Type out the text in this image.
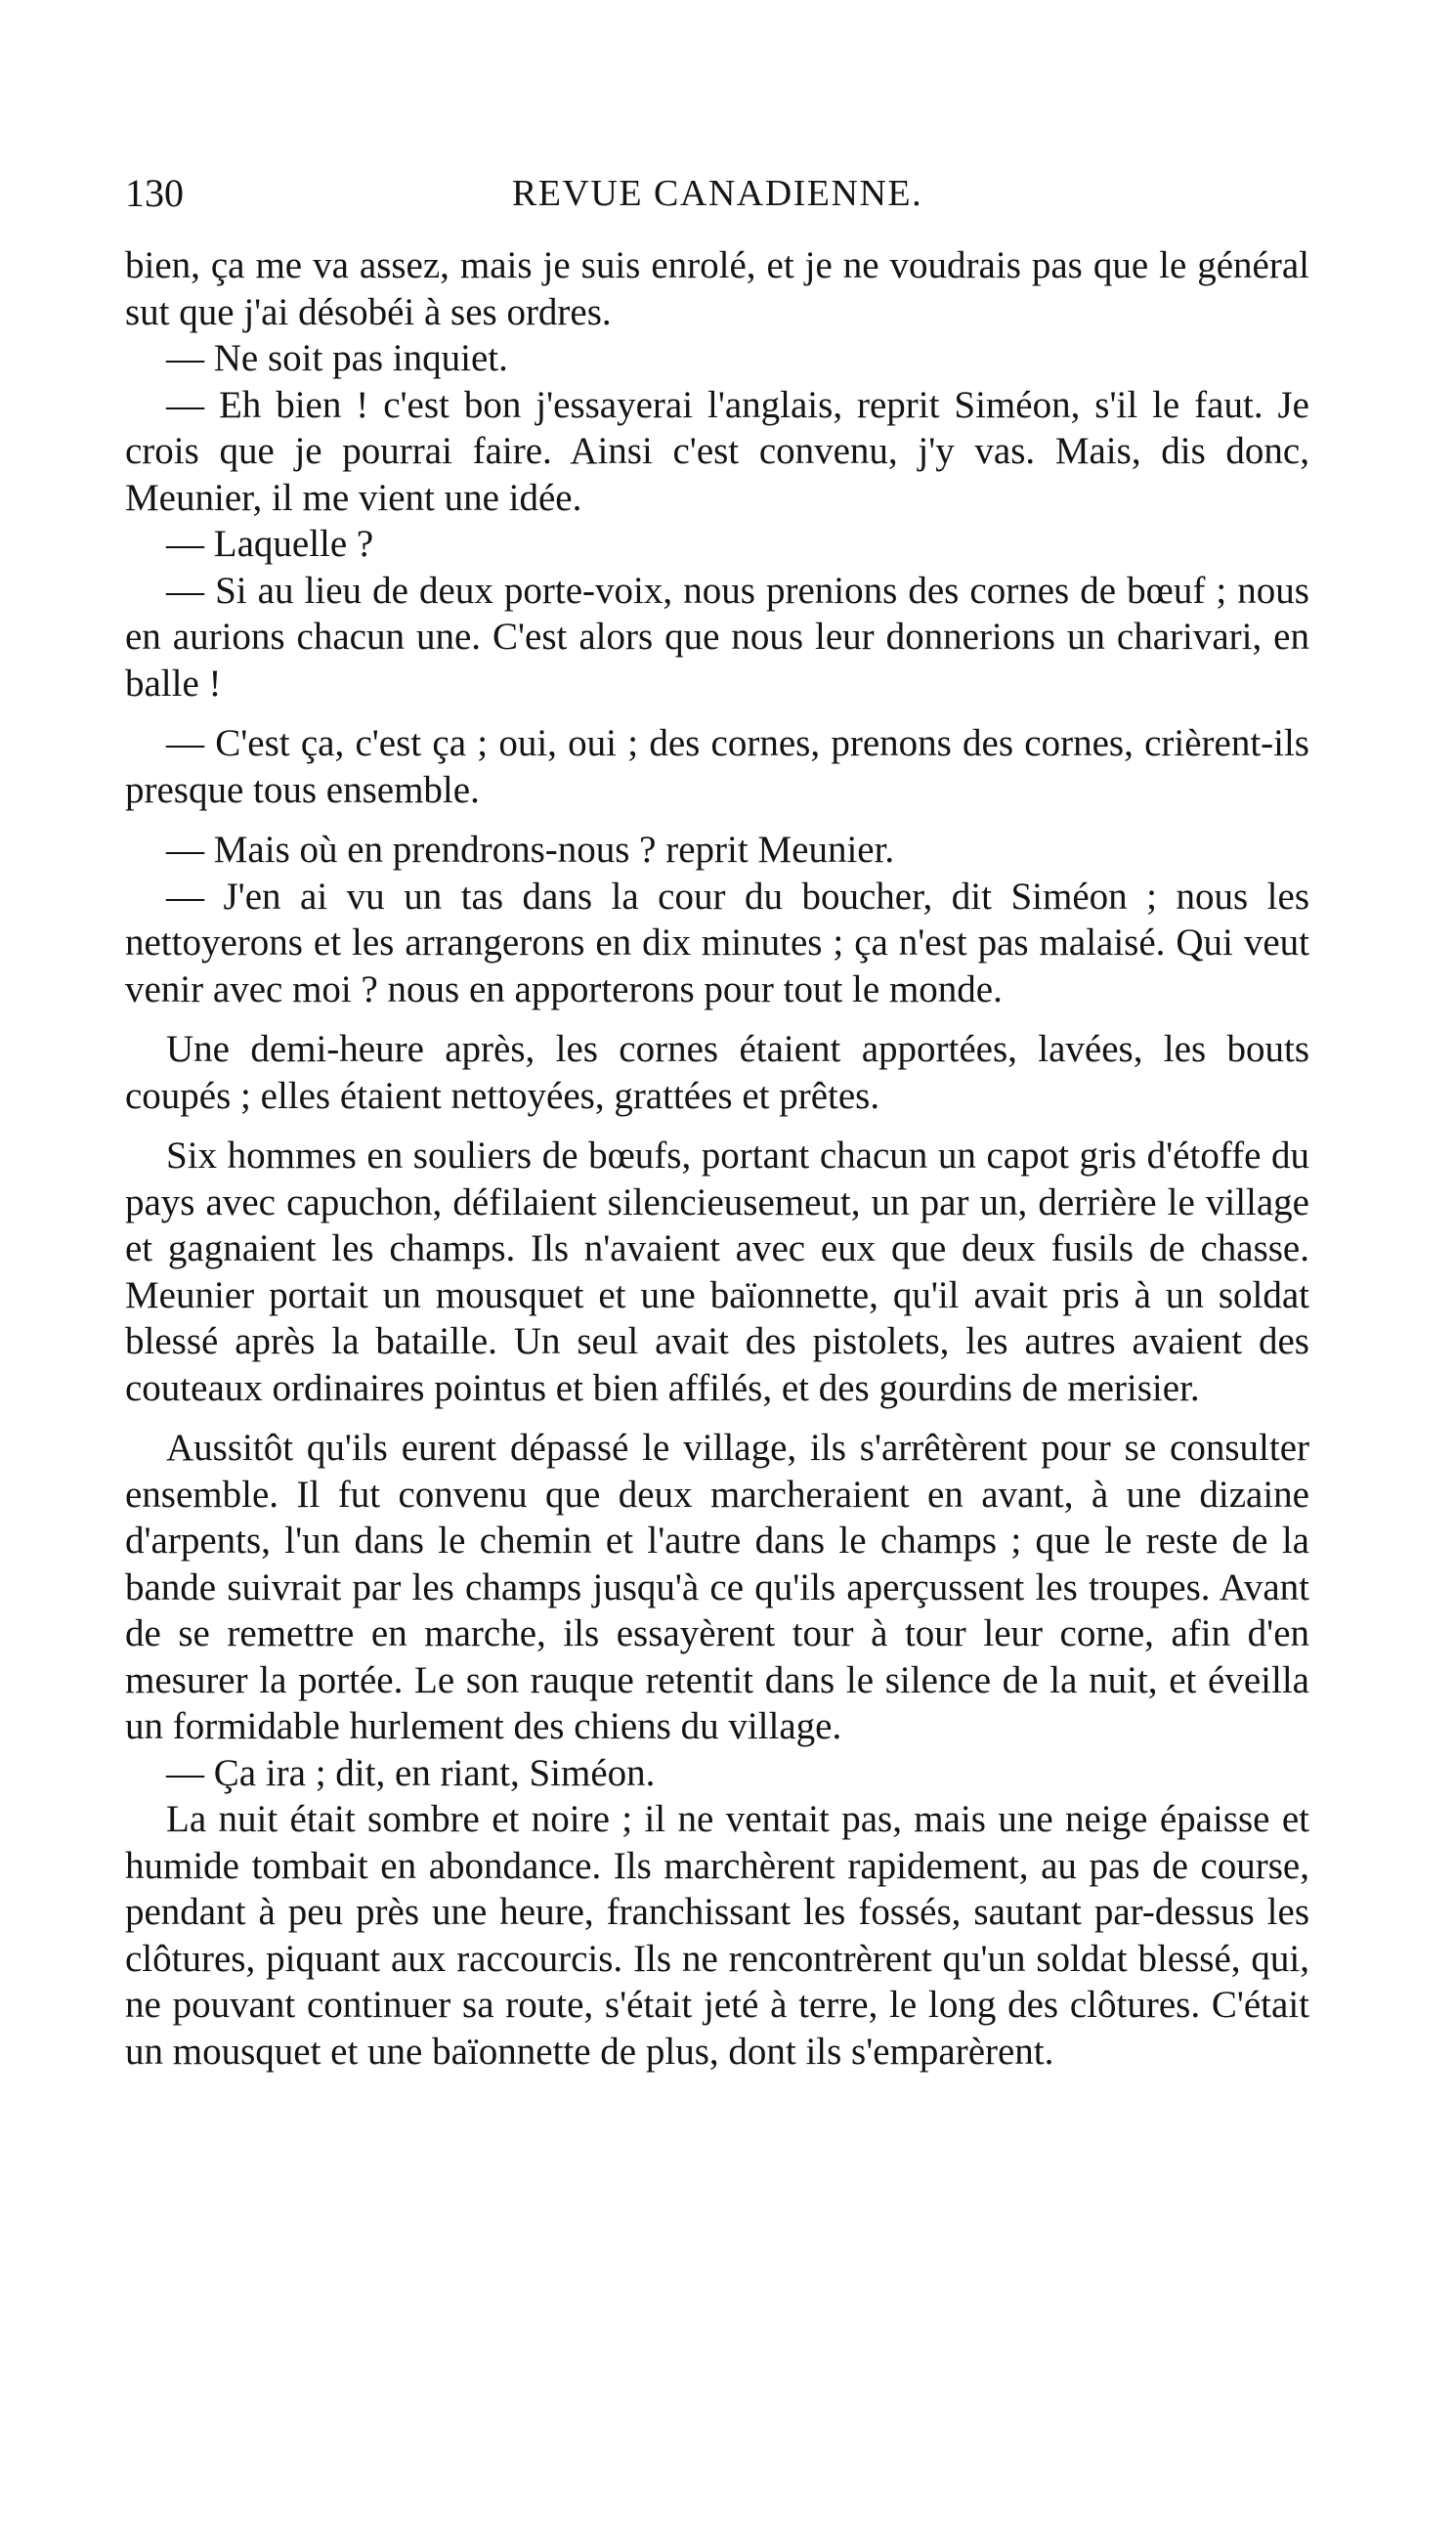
130	REVUE CANADIENNE.

bien, ça me va assez, mais je suis enrolé, et je ne voudrais pas que le général sut que j'ai désobéi à ses ordres.

— Ne soit pas inquiet.

— Eh bien ! c'est bon j'essayerai l'anglais, reprit Siméon, s'il le faut. Je crois que je pourrai faire. Ainsi c'est convenu, j'y vas. Mais, dis donc, Meunier, il me vient une idée.

— Laquelle ?

— Si au lieu de deux porte-voix, nous prenions des cornes de bœuf ; nous en aurions chacun une. C'est alors que nous leur donnerions un charivari, en balle !

— C'est ça, c'est ça ; oui, oui ; des cornes, prenons des cornes, crièrent-ils presque tous ensemble.

— Mais où en prendrons-nous ? reprit Meunier.

— J'en ai vu un tas dans la cour du boucher, dit Siméon ; nous les nettoyerons et les arrangerons en dix minutes ; ça n'est pas malaisé. Qui veut venir avec moi ? nous en apporterons pour tout le monde.

Une demi-heure après, les cornes étaient apportées, lavées, les bouts coupés ; elles étaient nettoyées, grattées et prêtes.

Six hommes en souliers de bœufs, portant chacun un capot gris d'étoffe du pays avec capuchon, défilaient silencieusemeut, un par un, derrière le village et gagnaient les champs. Ils n'avaient avec eux que deux fusils de chasse. Meunier portait un mousquet et une baïonnette, qu'il avait pris à un soldat blessé après la bataille. Un seul avait des pistolets, les autres avaient des couteaux ordinaires pointus et bien affilés, et des gourdins de merisier.

Aussitôt qu'ils eurent dépassé le village, ils s'arrêtèrent pour se consulter ensemble. Il fut convenu que deux marcheraient en avant, à une dizaine d'arpents, l'un dans le chemin et l'autre dans le champs ; que le reste de la bande suivrait par les champs jusqu'à ce qu'ils aperçussent les troupes. Avant de se remettre en marche, ils essayèrent tour à tour leur corne, afin d'en mesurer la portée. Le son rauque retentit dans le silence de la nuit, et éveilla un formidable hurlement des chiens du village.

— Ça ira ; dit, en riant, Siméon.

La nuit était sombre et noire ; il ne ventait pas, mais une neige épaisse et humide tombait en abondance. Ils marchèrent rapidement, au pas de course, pendant à peu près une heure, franchissant les fossés, sautant par-dessus les clôtures, piquant aux raccourcis. Ils ne rencontrèrent qu'un soldat blessé, qui, ne pouvant continuer sa route, s'était jeté à terre, le long des clôtures. C'était un mousquet et une baïonnette de plus, dont ils s'emparèrent.
